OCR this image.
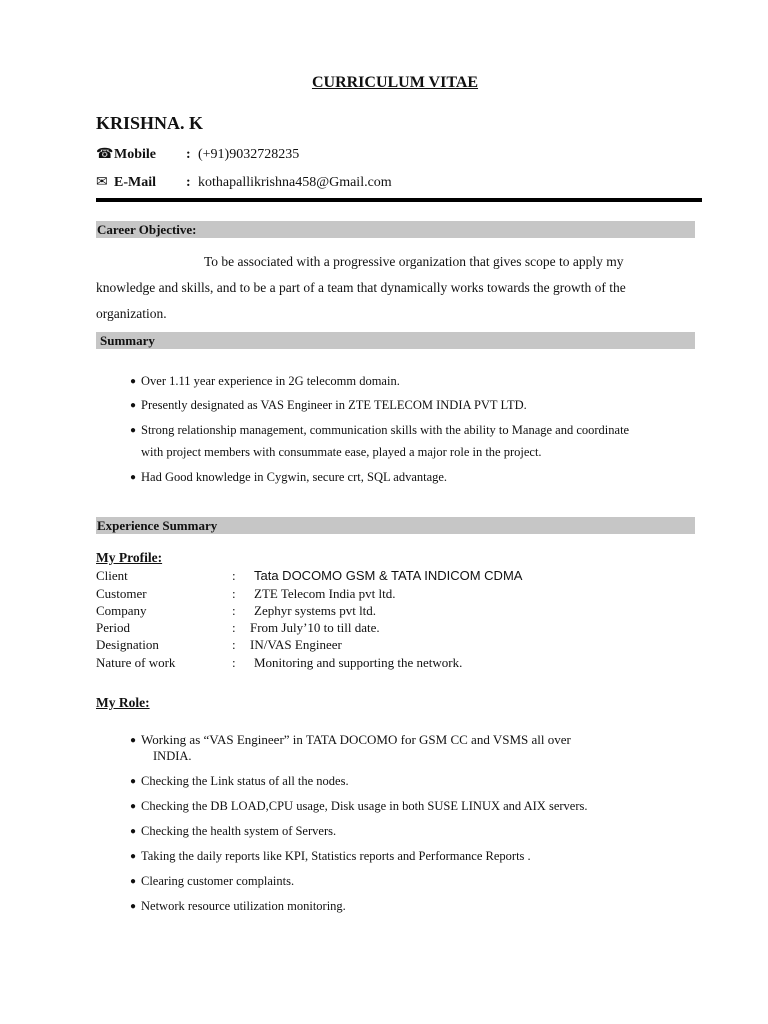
CURRICULUM VITAE
KRISHNA. K
☎Mobile : (+91)9032728235
✉ E-Mail : kothapallikrishna458@Gmail.com
Career Objective:
To be associated with a progressive organization that gives scope to apply my
knowledge and skills, and to be a part of a team that dynamically works towards the growth of the
organization.
Summary
● Over 1.11 year experience in 2G telecomm domain.
● Presently designated as VAS Engineer in ZTE TELECOM INDIA PVT LTD.
● Strong relationship management, communication skills with the ability to Manage and coordinate
with project members with consummate ease, played a major role in the project.
● Had Good knowledge in Cygwin, secure crt, SQL advantage.
Experience Summary
My Profile:
Client	: Tata DOCOMO GSM & TATA INDICOM CDMA
Customer	: ZTE Telecom India pvt ltd.
Company	: Zephyr systems pvt ltd.
Period	: From July’10 to till date.
Designation	: IN/VAS Engineer
Nature of work	: Monitoring and supporting the network.
My Role:
● Working as “VAS Engineer” in TATA DOCOMO for GSM CC and VSMS all over
INDIA.
● Checking the Link status of all the nodes.
● Checking the DB LOAD,CPU usage, Disk usage in both SUSE LINUX and AIX servers.
● Checking the health system of Servers.
● Taking the daily reports like KPI, Statistics reports and Performance Reports .
● Clearing customer complaints.
● Network resource utilization monitoring.
